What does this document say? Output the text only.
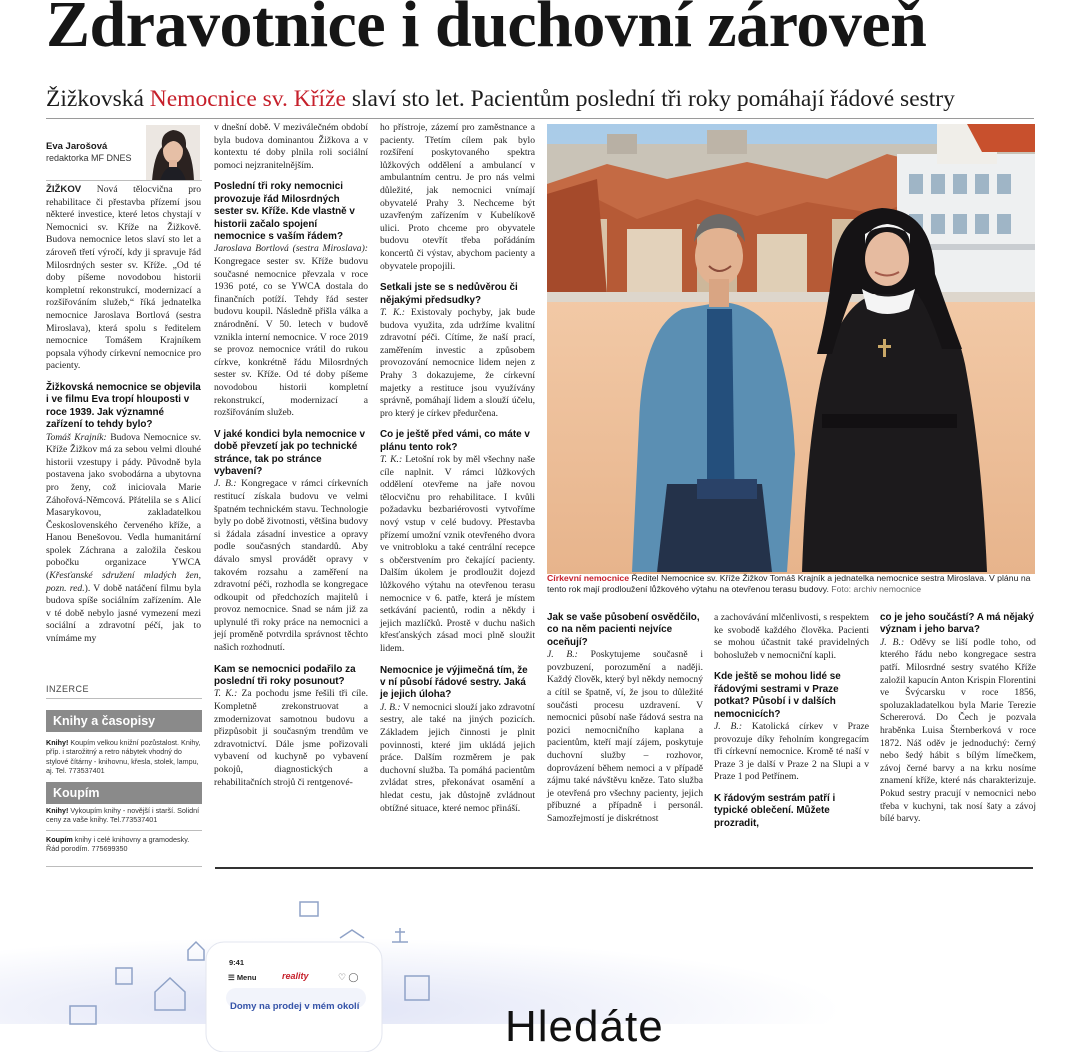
Zdravotnice i duchovní zároveň
Žižkovská Nemocnice sv. Kříže slaví sto let. Pacientům poslední tři roky pomáhají řádové sestry
Eva Jarošová
redaktorka MF DNES

ŽIŽKOV Nová tělocvična pro rehabilitace či přestavba přízemí jsou některé investice, které letos chystají v Nemocnici sv. Kříže na Žižkově. Budova nemocnice letos slaví sto let a zároveň třetí výročí, kdy ji spravuje řád Milosrdných sester sv. Kříže. „Od té doby píšeme novodobou historii kompletní rekonstrukcí, modernizací a rozšiřováním služeb,“ říká jednatelka nemocnice Jaroslava Bortlová (sestra Miroslava), která spolu s ředitelem nemocnice Tomášem Krajníkem popsala výhody církevní nemocnice pro pacienty.

Žižkovská nemocnice se objevila i ve filmu Eva tropí hlouposti v roce 1939. Jak významné zařízení to tehdy bylo?

Tomáš Krajník: Budova Nemocnice sv. Kříže Žižkov má za sebou velmi dlouhé historii vzestupy i pády. Původně byla postavena jako svobodárna a ubytovna pro ženy, což iniciovala Marie Záhořová-Němcová. Přátelila se s Alicí Masarykovou, zakladatelkou Československého červeného kříže, a Hanou Benešovou. Vedla humanitární spolek Záchrana a založila českou pobočku organizace YWCA (Křesťanské sdružení mladých žen, pozn. red.). V době natáčení filmu byla budova spíše sociálním zařízením. Ale v té době nebylo jasné vymezení mezi sociální a zdravotní péčí, jak to vnímáme my

INZERCE
Knihy a časopisy
Knihy! Koupím velkou knižní pozůstalost. Knihy, příp. i starožitný a retro nábytek vhodný do stylové čítárny - knihovnu, křesla, stolek, lampu, aj. Tel. 773537401
Koupím
Knihy! Vykoupím knihy - novější i starší. Solidní ceny za vaše knihy. Tel.773537401
Koupím knihy i celé knihovny a gramodesky. Řád porodím. 775699350

v dnešní době. V meziválečném období byla budova dominantou Žižkova a v kontextu té doby plnila roli sociální pomoci nejzranitelnějším.

Poslední tři roky nemocnici provozuje řád Milosrdných sester sv. Kříže. Kde vlastně v historii začalo spojení nemocnice s vaším řádem?

Jaroslava Bortlová (sestra Miroslava): Kongregace sester sv. Kříže budovu současné nemocnice převzala v roce 1936 poté, co se YWCA dostala do finančních potíží. Tehdy řád sester budovu koupil. Následně přišla válka a znárodnění. V 50. letech v budově vznikla interní nemocnice. V roce 2019 se provoz nemocnice vrátil do rukou církve, konkrétně řádu Milosrdných sester sv. Kříže. Od té doby píšeme novodobou historii kompletní rekonstrukcí, modernizací a rozšiřováním služeb.

V jaké kondici byla nemocnice v době převzetí jak po technické stránce, tak po stránce vybavení?

J. B.: Kongregace v rámci církevních restitucí získala budovu ve velmi špatném technickém stavu. Technologie byly po době životnosti, většina budovy si žádala zásadní investice a opravy podle současných standardů. Aby dávalo smysl provádět opravy v takovém rozsahu a zaměření na zdravotní péči, rozhodla se kongregace odkoupit od předchozích majitelů i provoz nemocnice. Snad se nám již za uplynulé tři roky práce na nemocnici a její proměně potvrdila správnost těchto našich rozhodnutí.

Kam se nemocnici podařilo za poslední tři roky posunout?

T. K.: Za pochodu jsme řešili tři cíle. Kompletně zrekonstruovat a zmodernizovat samotnou budovu a přizpůsobit ji současným trendům ve zdravotnictví. Dále jsme pořizovali vybavení od kuchyně po vybavení pokojů, diagnostických a rehabilitačních strojů či rentgenové-

ho přístroje, zázemí pro zaměstnance a pacienty. Třetím cílem pak bylo rozšíření poskytovaného spektra lůžkových oddělení a ambulancí v ambulantním centru. Je pro nás velmi důležité, jak nemocnici vnímají obyvatelé Prahy 3. Nechceme být uzavřeným zařízením v Kubelíkově ulici. Proto chceme pro obyvatele budovu otevřít třeba pořádáním koncertů či výstav, abychom pacienty a obyvatele propojili.

Setkali jste se s nedůvěrou či nějakými předsudky?

T. K.: Existovaly pochyby, jak bude budova využita, zda udržíme kvalitní zdravotní péči. Cítíme, že naší prací, zaměřením investic a způsobem provozování nemocnice lidem nejen z Prahy 3 dokazujeme, že církevní majetky a restituce jsou využívány správně, pomáhají lidem a slouží účelu, pro který je církev předurčena.

Co je ještě před vámi, co máte v plánu tento rok?

T. K.: Letošní rok by měl všechny naše cíle naplnit. V rámci lůžkových oddělení otevřeme na jaře novou tělocvičnu pro rehabilitace. I kvůli požadavku bezbariérovosti vytvoříme nový vstup v celé budovy. Přestavba přízemí umožní vznik otevřeného dvora ve vnitrobloku a také centrální recepce s občerstvením pro čekající pacienty. Dalším úkolem je prodloužit dojezd lůžkového výtahu na otevřenou terasu nemocnice v 6. patře, která je místem setkávání pacientů, rodin a někdy i jejich mazlíčků. Prostě v duchu našich křesťanských zásad moci plně sloužit lidem.

Nemocnice je výjimečná tím, že v ní působí řádové sestry. Jaká je jejich úloha?

J. B.: V nemocnici slouží jako zdravotní sestry, ale také na jiných pozicích. Základem jejich činnosti je plnit povinnosti, které jim ukládá jejich práce. Dalším rozměrem je pak duchovní služba. Ta pomáhá pacientům zvládat stres, překonávat osamění a hledat cestu, jak důstojně zvládnout obtížné situace, které nemoc přináší.

Církevní nemocnice Ředitel Nemocnice sv. Kříže Žižkov Tomáš Krajník a jednatelka nemocnice sestra Miroslava. V plánu na tento rok mají prodloužení lůžkového výtahu na otevřenou terasu budovy. Foto: archiv nemocnice

Jak se vaše působení osvědčilo, co na něm pacienti nejvíce oceňují?

J. B.: Poskytujeme současně i povzbuzení, porozumění a naději. Každý člověk, který byl někdy nemocný a cítil se špatně, ví, že jsou to důležité součásti procesu uzdravení. V nemocnici působí naše řádová sestra na pozici nemocničního kaplana a pacientům, kteří mají zájem, poskytuje duchovní služby – rozhovor, doprovázení během nemoci a v případě zájmu také návštěvu kněze. Tato služba je otevřená pro všechny pacienty, jejich příbuzné a případně i personál. Samozřejmostí je diskrétnost

a zachovávání mlčenlivosti, s respektem ke svobodě každého člověka. Pacienti se mohou účastnit také pravidelných bohoslužeb v nemocniční kapli.

Kde ještě se mohou lidé se řádovými sestrami v Praze potkat? Působí i v dalších nemocnicích?

J. B.: Katolická církev v Praze provozuje díky řeholním kongregacím tři církevní nemocnice. Kromě té naší v Praze 3 je další v Praze 2 na Slupi a v Praze 1 pod Petřínem.

K řádovým sestrám patří i typické oblečení. Můžete prozradit,

co je jeho součástí? A má nějaký význam i jeho barva?

J. B.: Oděvy se liší podle toho, od kterého řádu nebo kongregace sestra patří. Milosrdné sestry svatého Kříže založil kapucín Anton Krispin Florentini ve Švýcarsku v roce 1856, spoluzakladatelkou byla Marie Terezie Schererová. Do Čech je pozvala hraběnka Luisa Šternberková v roce 1872. Náš oděv je jednoduchý: černý nebo šedý hábit s bílým límečkem, závoj černé barvy a na krku nosíme znamení kříže, které nás charakterizuje. Pokud sestry pracují v nemocnici nebo třeba v kuchyni, tak nosí šaty a závoj bílé barvy.

9:41
☰ Menu	reality	♡ ◯
Domy na prodej v mém okolí	Hledáte
